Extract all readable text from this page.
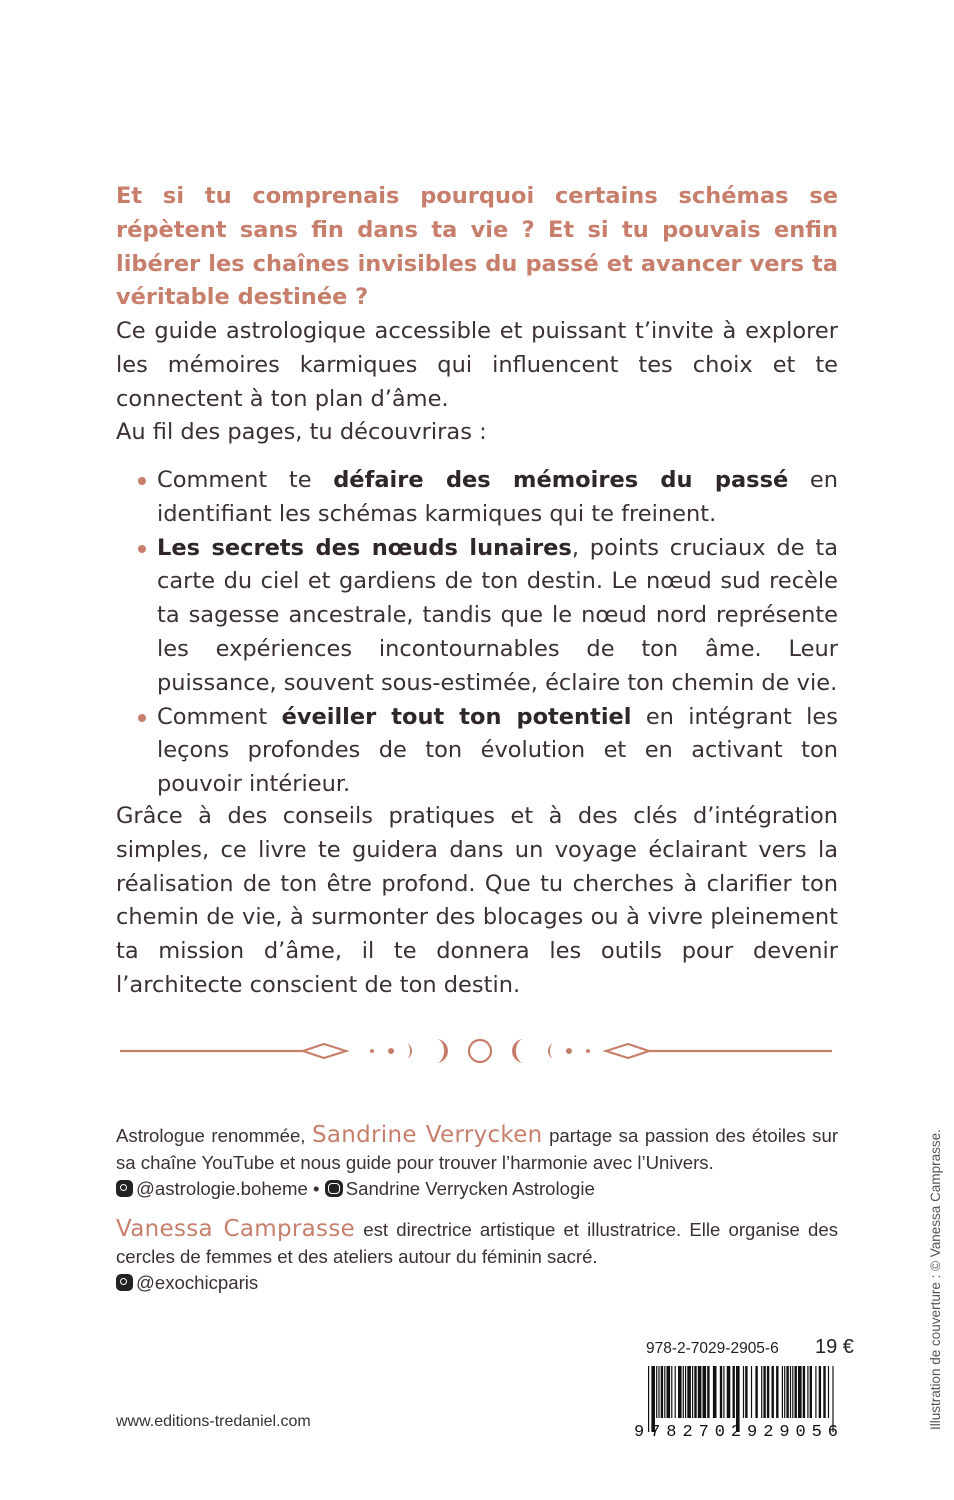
Et si tu comprenais pourquoi certains schémas se répètent sans fin dans ta vie ? Et si tu pouvais enfin libérer les chaînes invisibles du passé et avancer vers ta véritable destinée ?
Ce guide astrologique accessible et puissant t’invite à explorer les mémoires karmiques qui influencent tes choix et te connectent à ton plan d’âme.
Au fil des pages, tu découvriras :
Comment te défaire des mémoires du passé en identifiant les schémas karmiques qui te freinent.
Les secrets des nœuds lunaires, points cruciaux de ta carte du ciel et gardiens de ton destin. Le nœud sud recèle ta sagesse ancestrale, tandis que le nœud nord représente les expériences incontournables de ton âme. Leur puissance, souvent sous-estimée, éclaire ton chemin de vie.
Comment éveiller tout ton potentiel en intégrant les leçons profondes de ton évolution et en activant ton pouvoir intérieur.
Grâce à des conseils pratiques et à des clés d’intégration simples, ce livre te guidera dans un voyage éclairant vers la réalisation de ton être profond. Que tu cherches à clarifier ton chemin de vie, à surmonter des blocages ou à vivre pleinement ta mission d’âme, il te donnera les outils pour devenir l’architecte conscient de ton destin.
Astrologue renommée, Sandrine Verrycken partage sa passion des étoiles sur sa chaîne YouTube et nous guide pour trouver l’harmonie avec l’Univers.
@astrologie.boheme • Sandrine Verrycken Astrologie
Vanessa Camprasse est directrice artistique et illustratrice. Elle organise des cercles de femmes et des ateliers autour du féminin sacré.
@exochicparis
www.editions-tredaniel.com
978-2-7029-2905-6 19 €
9782702929056
Illustration de couverture : © Vanessa Camprasse.
